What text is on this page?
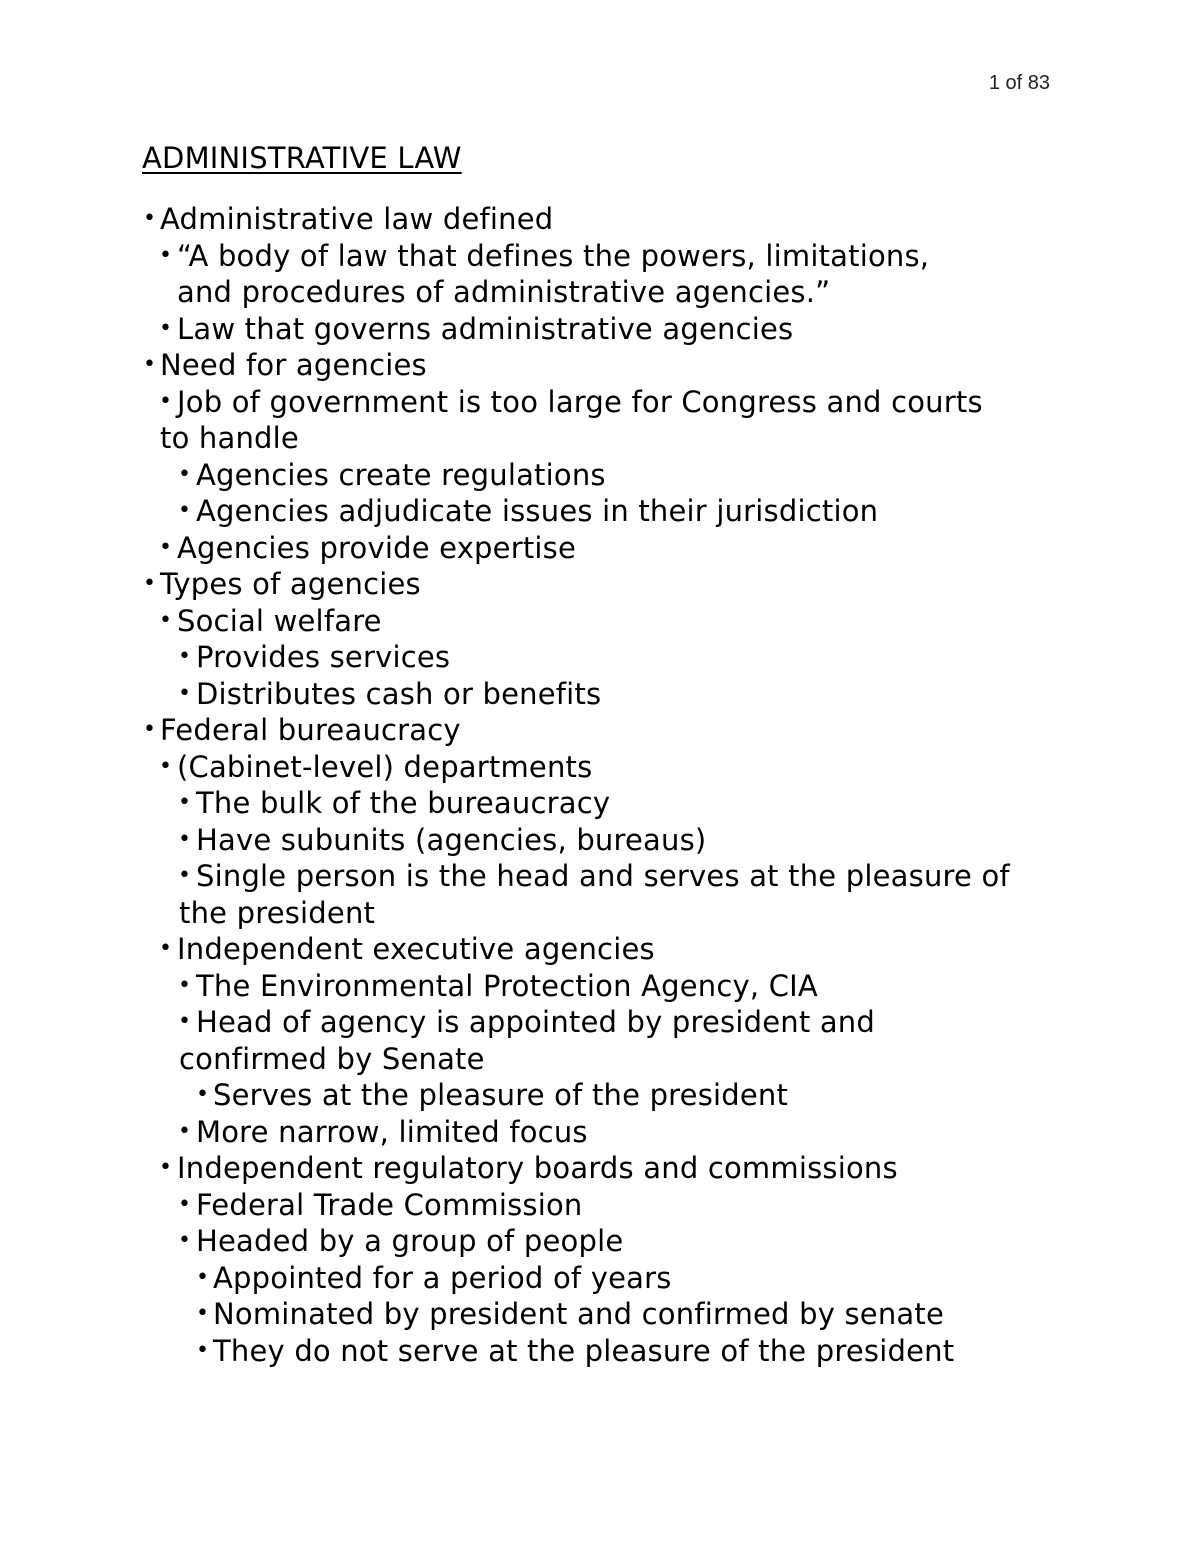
1 of 83
ADMINISTRATIVE LAW
• Administrative law defined
• “A body of law that defines the powers, limitations,
and procedures of administrative agencies.”
• Law that governs administrative agencies
• Need for agencies
• Job of government is too large for Congress and courts
to handle
• Agencies create regulations
• Agencies adjudicate issues in their jurisdiction
• Agencies provide expertise
• Types of agencies
• Social welfare
• Provides services
• Distributes cash or benefits
• Federal bureaucracy
• (Cabinet-level) departments
• The bulk of the bureaucracy
• Have subunits (agencies, bureaus)
• Single person is the head and serves at the pleasure of
the president
• Independent executive agencies
• The Environmental Protection Agency, CIA
• Head of agency is appointed by president and
confirmed by Senate
• Serves at the pleasure of the president
• More narrow, limited focus
• Independent regulatory boards and commissions
• Federal Trade Commission
• Headed by a group of people
• Appointed for a period of years
• Nominated by president and confirmed by senate
• They do not serve at the pleasure of the president
